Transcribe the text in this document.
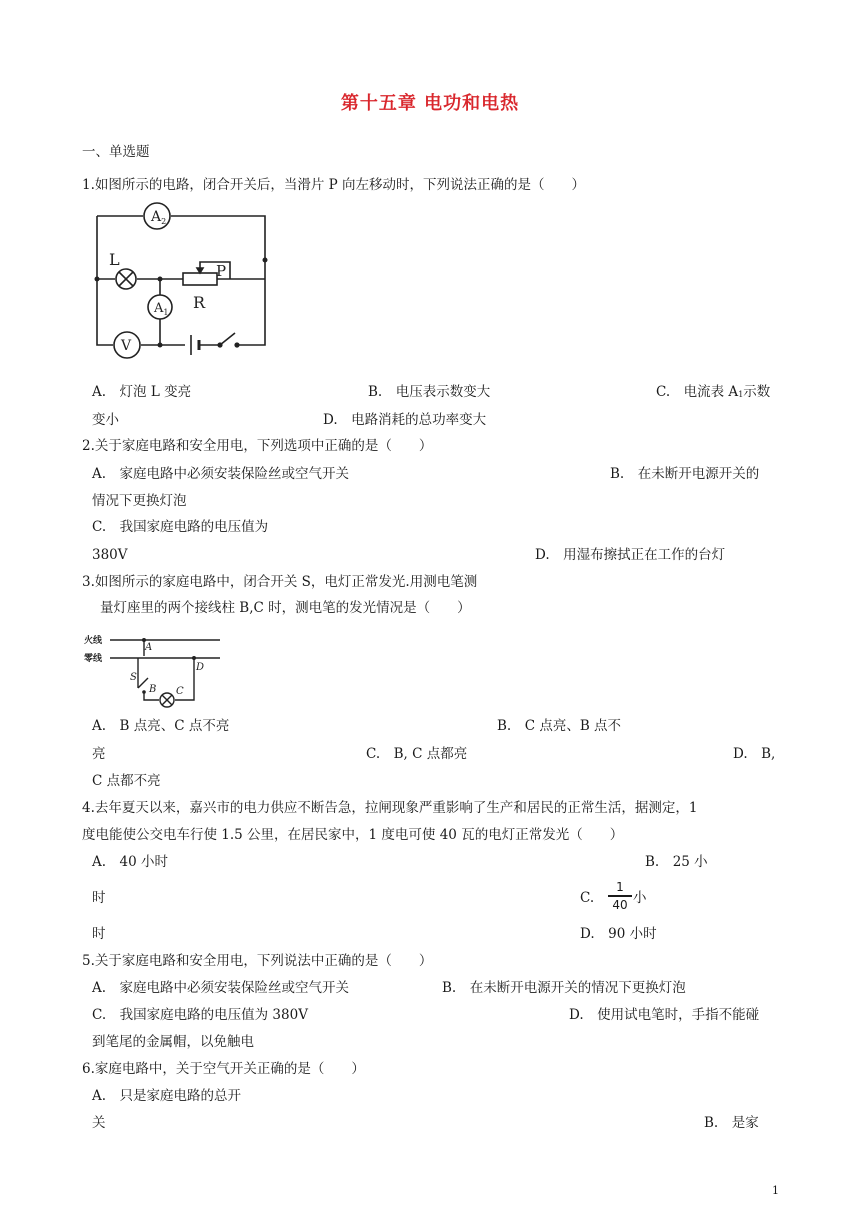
第十五章 电功和电热
一、单选题
1.如图所示的电路，闭合开关后，当滑片 P 向左移动时，下列说法正确的是（　　）
$A_2$
L
P
$A_1$
R
V
A.　灯泡 L 变亮	B.　电压表示数变大	C.　电流表 A1示数
变小	D.　电路消耗的总功率变大
2.关于家庭电路和安全用电，下列选项中正确的是（　　）
A.　家庭电路中必须安装保险丝或空气开关	B.　在未断开电源开关的
情况下更换灯泡
C.　我国家庭电路的电压值为
380V	D.　用湿布擦拭正在工作的台灯
3.如图所示的家庭电路中，闭合开关 S，电灯正常发光.用测电笔测
量灯座里的两个接线柱 B,C 时，测电笔的发光情况是（　　）
火线
零线
A
D
S
B C
A.　B 点亮、C 点不亮	B.　C 点亮、B 点不
亮	C.　B, C 点都亮	D.　B,
C 点都不亮
4.去年夏天以来，嘉兴市的电力供应不断告急，拉闸现象严重影响了生产和居民的正常生活，据测定，1
度电能使公交电车行使 1.5 公里，在居民家中，1 度电可使 40 瓦的电灯正常发光（　　）
A.　40 小时	B.　25 小
时	C.
1
40 小
时	D.　90 小时
5.关于家庭电路和安全用电，下列说法中正确的是（　　）
A.　家庭电路中必须安装保险丝或空气开关	B.　在未断开电源开关的情况下更换灯泡
C.　我国家庭电路的电压值为 380V	D.　使用试电笔时，手指不能碰
到笔尾的金属帽，以免触电
6.家庭电路中，关于空气开关正确的是（　　）
A.　只是家庭电路的总开
关	B.　是家
1
